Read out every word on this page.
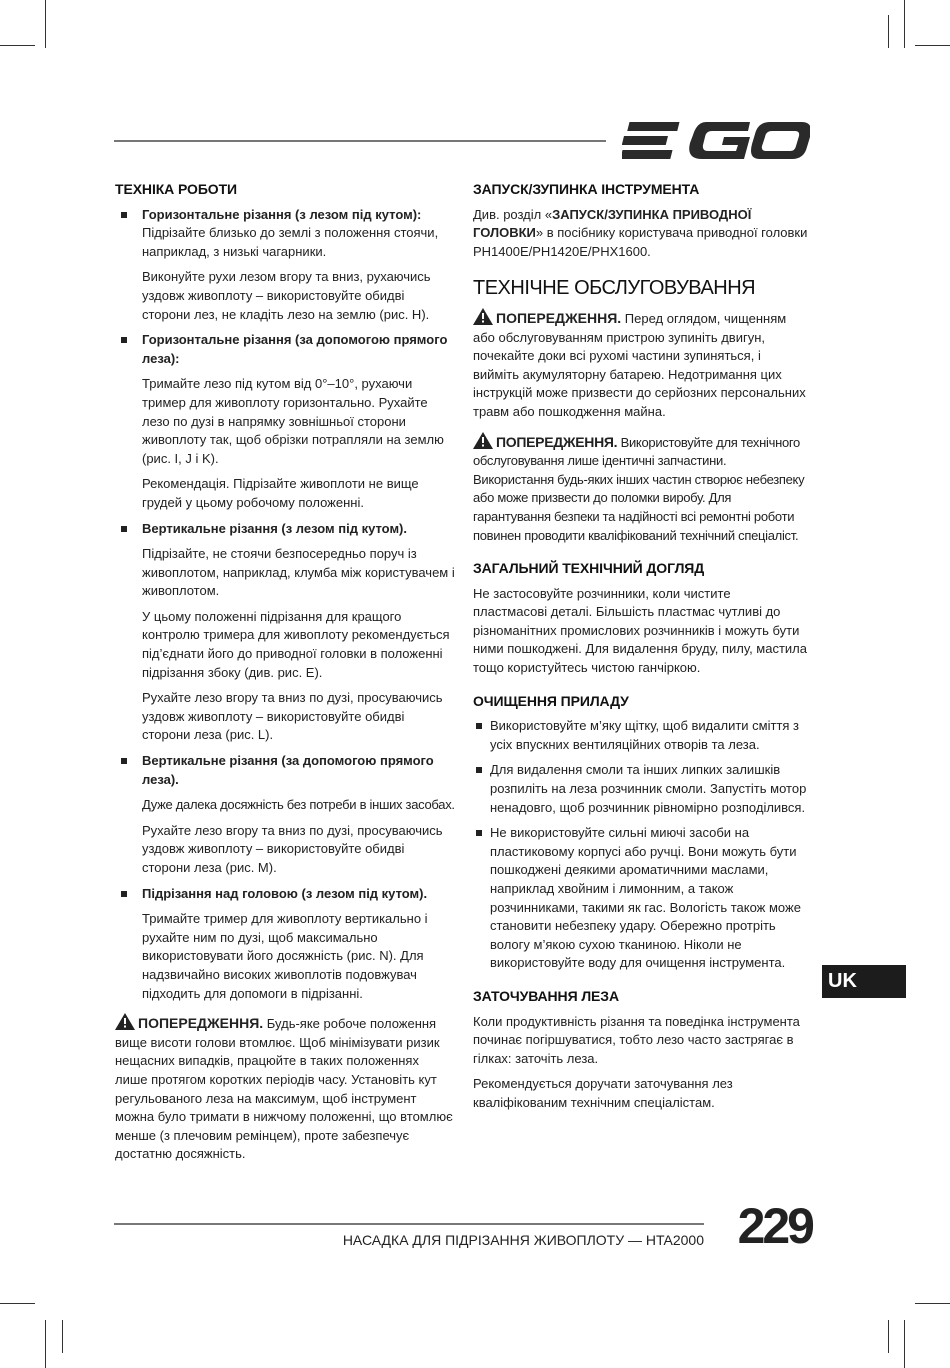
ТЕХНІКА РОБОТИ
Горизонтальне різання (з лезом під кутом): Підрізайте близько до землі з положення стоячи, наприклад, з низькі чагарники.

Виконуйте рухи лезом вгору та вниз, рухаючись уздовж живоплоту – використовуйте обидві сторони лез, не кладіть лезо на землю (рис. H).

Горизонтальне різання (за допомогою прямого леза):

Тримайте лезо під кутом від 0°–10°, рухаючи тример для живоплоту горизонтально. Рухайте лезо по дузі в напрямку зовнішньої сторони живоплоту так, щоб обрізки потрапляли на землю (рис. I, J і K).

Рекомендація. Підрізайте живоплоти не вище грудей у цьому робочому положенні.

Вертикальне різання (з лезом під кутом).

Підрізайте, не стоячи безпосередньо поруч із живоплотом, наприклад, клумба між користувачем і живоплотом.

У цьому положенні підрізання для кращого контролю тримера для живоплоту рекомендується під’єднати його до приводної головки в положенні підрізання збоку (див. рис. E).

Рухайте лезо вгору та вниз по дузі, просуваючись уздовж живоплоту – використовуйте обидві сторони леза (рис. L).

Вертикальне різання (за допомогою прямого леза).

Дуже далека досяжність без потреби в інших засобах.

Рухайте лезо вгору та вниз по дузі, просуваючись уздовж живоплоту – використовуйте обидві сторони леза (рис. M).

Підрізання над головою (з лезом під кутом).

Тримайте тример для живоплоту вертикально і рухайте ним по дузі, щоб максимально використовувати його досяжність (рис. N). Для надзвичайно високих живоплотів подовжувач підходить для допомоги в підрізанні.

ПОПЕРЕДЖЕННЯ. Будь-яке робоче положення вище висоти голови втомлює. Щоб мінімізувати ризик нещасних випадків, працюйте в таких положеннях лише протягом коротких періодів часу. Установіть кут регульованого леза на максимум, щоб інструмент можна було тримати в нижчому положенні, що втомлює менше (з плечовим ремінцем), проте забезпечує достатню досяжність.

ЗАПУСК/ЗУПИНКА ІНСТРУМЕНТА

Див. розділ «ЗАПУСК/ЗУПИНКА ПРИВОДНОЇ ГОЛОВКИ» в посібнику користувача приводної головки PH1400E/PH1420E/PHX1600.

ТЕХНІЧНЕ ОБСЛУГОВУВАННЯ

ПОПЕРЕДЖЕННЯ. Перед оглядом, чищенням або обслуговуванням пристрою зупиніть двигун, почекайте доки всі рухомі частини зупиняться, і вийміть акумуляторну батарею. Недотримання цих інструкцій може призвести до серйозних персональних травм або пошкодження майна.

ПОПЕРЕДЖЕННЯ. Використовуйте для технічного обслуговування лише ідентичні запчастини. Використання будь-яких інших частин створює небезпеку або може призвести до поломки виробу. Для гарантування безпеки та надійності всі ремонтні роботи повинен проводити кваліфікований технічний спеціаліст.

ЗАГАЛЬНИЙ ТЕХНІЧНИЙ ДОГЛЯД

Не застосовуйте розчинники, коли чистите пластмасові деталі. Більшість пластмас чутливі до різноманітних промислових розчинників і можуть бути ними пошкоджені. Для видалення бруду, пилу, мастила тощо користуйтесь чистою ганчіркою.

ОЧИЩЕННЯ ПРИЛАДУ
Використовуйте м’яку щітку, щоб видалити сміття з усіх впускних вентиляційних отворів та леза.
Для видалення смоли та інших липких залишків розпиліть на леза розчинник смоли. Запустіть мотор ненадовго, щоб розчинник рівномірно розподілився.
Не використовуйте сильні миючі засоби на пластиковому корпусі або ручці. Вони можуть бути пошкоджені деякими ароматичними маслами, наприклад хвойним і лимонним, а також розчинниками, такими як гас. Вологість також може становити небезпеку удару. Обережно протріть вологу м’якою сухою тканиною. Ніколи не використовуйте воду для очищення інструмента.
ЗАТОЧУВАННЯ ЛЕЗА

Коли продуктивність різання та поведінка інструмента починає погіршуватися, тобто лезо часто застрягає в гілках: заточіть леза.

Рекомендується доручати заточування лез кваліфікованим технічним спеціалістам.

UK
НАСАДКА ДЛЯ ПІДРІЗАННЯ ЖИВОПЛОТУ — HTA2000 229
